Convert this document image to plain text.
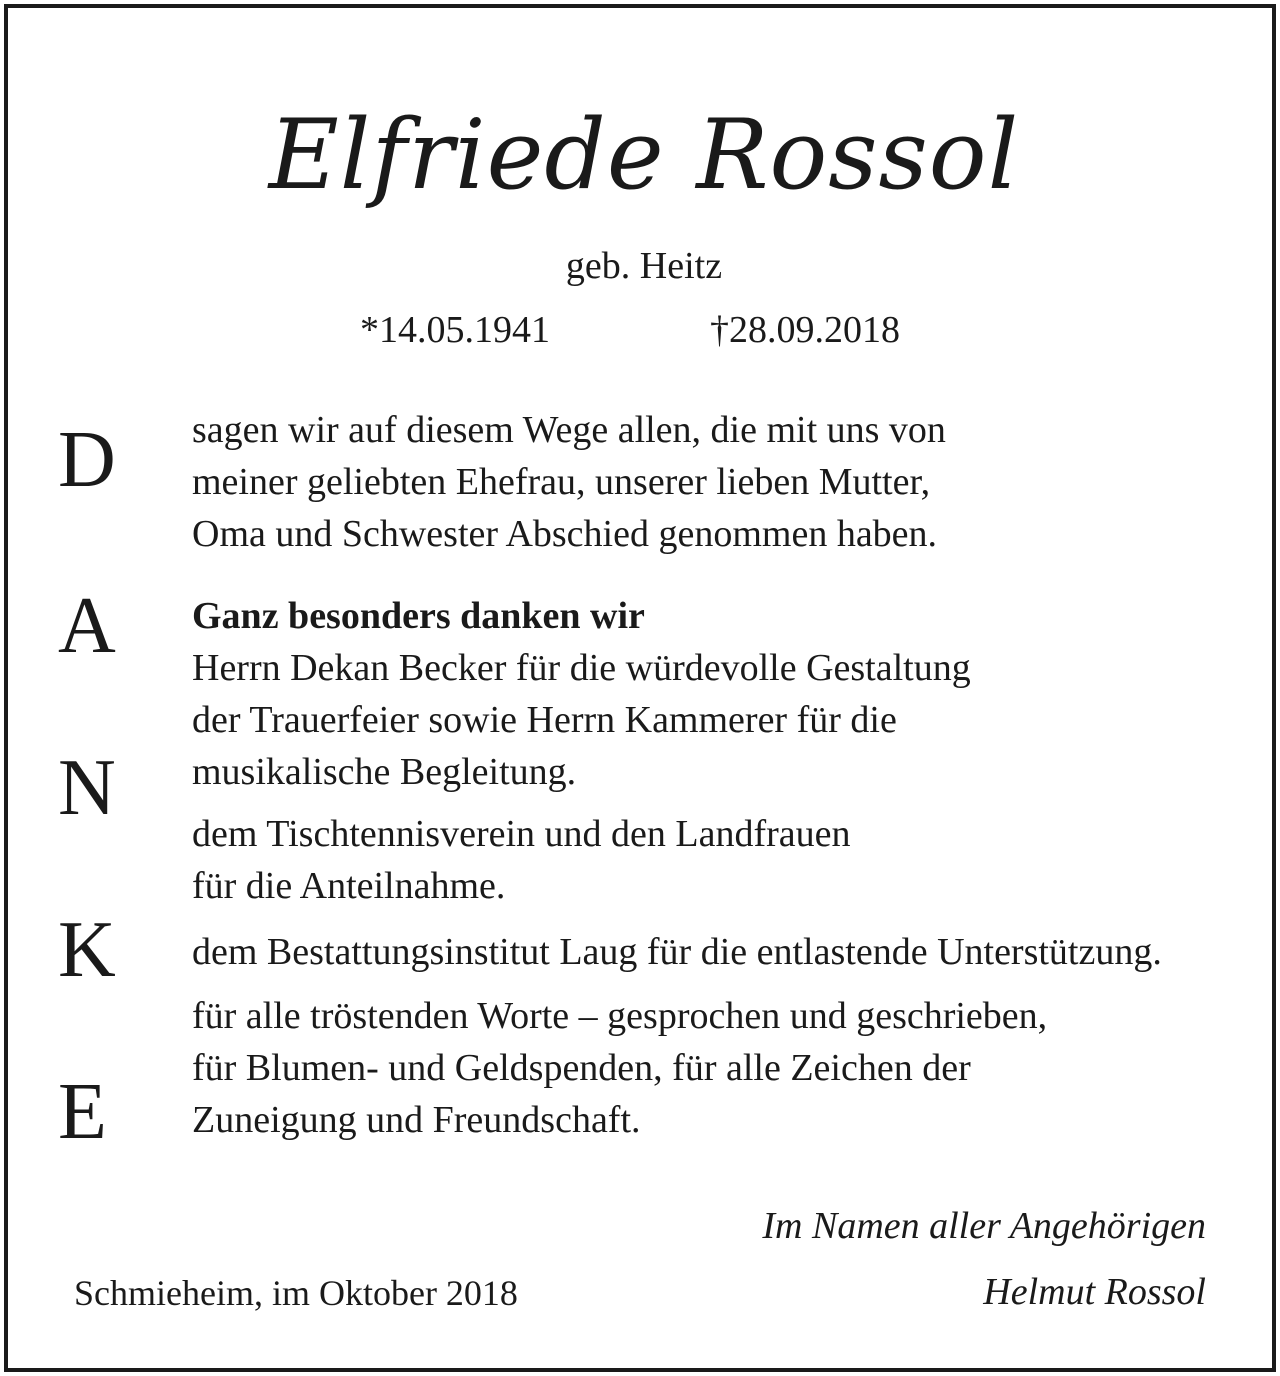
Elfriede Rossol
geb. Heitz
*14.05.1941	†28.09.2018
D
A
N
K
E
sagen wir auf diesem Wege allen, die mit uns von
meiner geliebten Ehefrau, unserer lieben Mutter,
Oma und Schwester Abschied genommen haben.
Ganz besonders danken wir
Herrn Dekan Becker für die würdevolle Gestaltung
der Trauerfeier sowie Herrn Kammerer für die
musikalische Begleitung.
dem Tischtennisverein und den Landfrauen
für die Anteilnahme.
dem Bestattungsinstitut Laug für die entlastende Unterstützung.
für alle tröstenden Worte – gesprochen und geschrieben,
für Blumen- und Geldspenden, für alle Zeichen der
Zuneigung und Freundschaft.
Im Namen aller Angehörigen
Schmieheim, im Oktober 2018	Helmut Rossol
